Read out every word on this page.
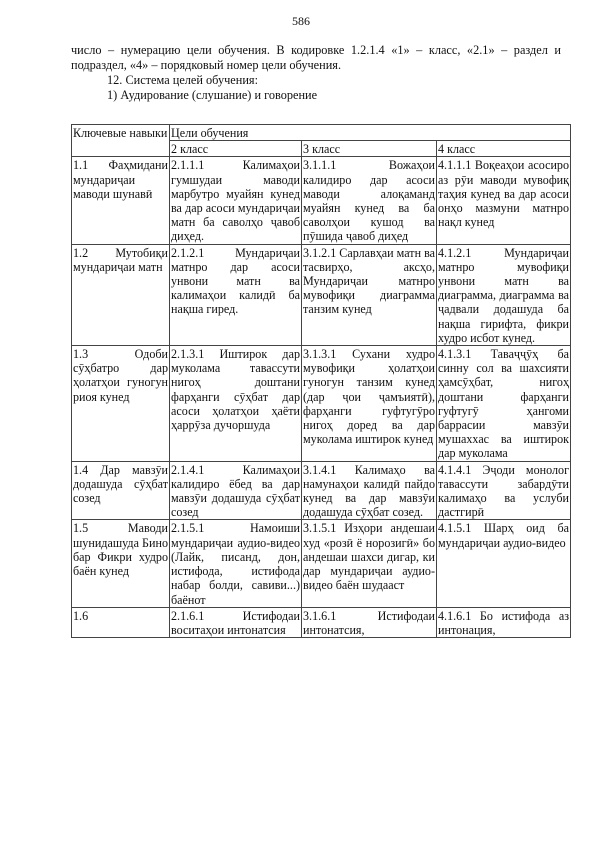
586

число – нумерацию цели обучения. В кодировке 1.2.1.4 «1» – класс, «2.1» – раздел и подраздел, «4» – порядковый номер цели обучения.

12. Система целей обучения:

1) Аудирование (слушание) и говорение

Ключевые навыки	Цели обучения		
	2 класс	3 класс	4 класс
1.1 Фаҳмидани мундариҷаи маводи шунавӣ	2.1.1.1 Калимаҳои гумшудаи маводи марбутро муайян кунед ва дар асоси мундариҷаи матн ба саволҳо ҷавоб диҳед.	3.1.1.1 Вожаҳои калидиро дар асоси маводи алоқаманд муайян кунед ва ба саволҳои кушод ва пӯшида ҷавоб диҳед	4.1.1.1 Воқеаҳои асосиро аз рӯи маводи мувофиқ таҳия кунед ва дар асоси онҳо мазмуни матнро нақл кунед
1.2 Мутобиқи мундариҷаи матн	2.1.2.1 Мундариҷаи матнро дар асоси унвони матн ва калимаҳои калидӣ ба нақша гиред.	3.1.2.1 Сарлавҳаи матн ва тасвирҳо, аксҳо, Мундариҷаи матнро мувофиқи диаграмма танзим кунед	4.1.2.1 Мундариҷаи матнро мувофиқи унвони матн ва диаграмма, диаграмма ва ҷадвали додашуда ба нақша гирифта, фикри худро исбот кунед.
1.3 Одоби сӯҳбатро дар ҳолатҳои гуногун риоя кунед	2.1.3.1 Иштирок дар муколама тавассути нигоҳ доштани фарҳанги сӯҳбат дар асоси ҳолатҳои ҳаёти ҳаррӯза дучоршуда	3.1.3.1 Сухани худро мувофиқи ҳолатҳои гуногун танзим кунед (дар ҷои ҷамъиятӣ), фарҳанги гуфтугӯро нигоҳ доред ва дар муколама иштирок кунед	4.1.3.1 Таваҷҷӯҳ ба синну сол ва шахсияти ҳамсӯҳбат, нигоҳ доштани фарҳанги гуфтугӯ ҳангоми баррасии мавзӯи мушаххас ва иштирок дар муколама
1.4 Дар мавзӯи додашуда сӯҳбат созед	2.1.4.1 Калимаҳои калидиро ёбед ва дар мавзӯи додашуда сӯҳбат созед	3.1.4.1 Калимаҳо ва намунаҳои калидӣ пайдо кунед ва дар мавзӯи додашуда сӯҳбат созед.	4.1.4.1 Эҷоди монолог тавассути забардӯти калимаҳо ва услуби дастгирӣ
1.5 Маводи шунидашуда Бино бар Фикри худро баён кунед	2.1.5.1 Намоиши мундариҷаи аудио-видео (Лайк, писанд, дон, истифода, истифода набар болди, савиви...) баёнот	3.1.5.1 Изҳори андешаи худ «розӣ ё норозигӣ» бо андешаи шахси дигар, ки дар мундариҷаи аудио-видео баён шудааст	4.1.5.1 Шарҳ оид ба мундариҷаи аудио-видео
1.6	2.1.6.1 Истифодаи воситаҳои интонатсия	3.1.6.1 Истифодаи интонатсия,	4.1.6.1 Бо истифода аз интонация,
